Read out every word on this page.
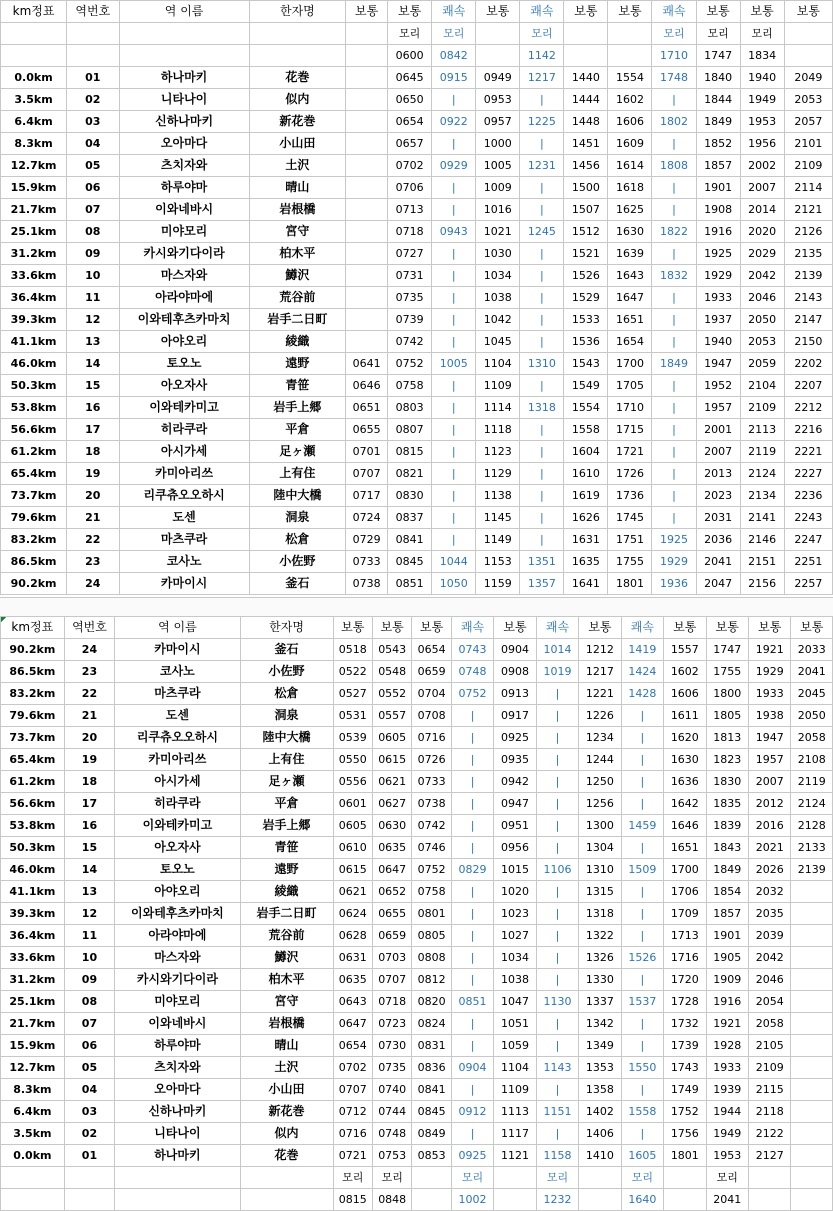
km정표	역번호	역 이름	한자명	보통	보통	쾌속	보통	쾌속	보통	보통	쾌속	보통	보통	보통
					모리	모리		모리			모리	모리	모리	
					0600	0842		1142			1710	1747	1834	
0.0km	01	하나마키	花巻		0645	0915	0949	1217	1440	1554	1748	1840	1940	2049
3.5km	02	니타나이	似内		0650	|	0953	|	1444	1602	|	1844	1949	2053
6.4km	03	신하나마키	新花巻		0654	0922	0957	1225	1448	1606	1802	1849	1953	2057
8.3km	04	오아마다	小山田		0657	|	1000	|	1451	1609	|	1852	1956	2101
12.7km	05	츠치자와	土沢		0702	0929	1005	1231	1456	1614	1808	1857	2002	2109
15.9km	06	하루야마	晴山		0706	|	1009	|	1500	1618	|	1901	2007	2114
21.7km	07	이와네바시	岩根橋		0713	|	1016	|	1507	1625	|	1908	2014	2121
25.1km	08	미야모리	宮守		0718	0943	1021	1245	1512	1630	1822	1916	2020	2126
31.2km	09	카시와기다이라	柏木平		0727	|	1030	|	1521	1639	|	1925	2029	2135
33.6km	10	마스자와	鱒沢		0731	|	1034	|	1526	1643	1832	1929	2042	2139
36.4km	11	아라야마에	荒谷前		0735	|	1038	|	1529	1647	|	1933	2046	2143
39.3km	12	이와테후츠카마치	岩手二日町		0739	|	1042	|	1533	1651	|	1937	2050	2147
41.1km	13	아야오리	綾織		0742	|	1045	|	1536	1654	|	1940	2053	2150
46.0km	14	토오노	遠野	0641	0752	1005	1104	1310	1543	1700	1849	1947	2059	2202
50.3km	15	아오자사	青笹	0646	0758	|	1109	|	1549	1705	|	1952	2104	2207
53.8km	16	이와테카미고	岩手上郷	0651	0803	|	1114	1318	1554	1710	|	1957	2109	2212
56.6km	17	히라쿠라	平倉	0655	0807	|	1118	|	1558	1715	|	2001	2113	2216
61.2km	18	아시가세	足ヶ瀬	0701	0815	|	1123	|	1604	1721	|	2007	2119	2221
65.4km	19	카미아리쓰	上有住	0707	0821	|	1129	|	1610	1726	|	2013	2124	2227
73.7km	20	리쿠츄오오하시	陸中大橋	0717	0830	|	1138	|	1619	1736	|	2023	2134	2236
79.6km	21	도센	洞泉	0724	0837	|	1145	|	1626	1745	|	2031	2141	2243
83.2km	22	마츠쿠라	松倉	0729	0841	|	1149	|	1631	1751	1925	2036	2146	2247
86.5km	23	코사노	小佐野	0733	0845	1044	1153	1351	1635	1755	1929	2041	2151	2251
90.2km	24	카마이시	釜石	0738	0851	1050	1159	1357	1641	1801	1936	2047	2156	2257
km정표	역번호	역 이름	한자명	보통	보통	보통	쾌속	보통	쾌속	보통	쾌속	보통	보통	보통	보통
90.2km	24	카마이시	釜石	0518	0543	0654	0743	0904	1014	1212	1419	1557	1747	1921	2033
86.5km	23	코사노	小佐野	0522	0548	0659	0748	0908	1019	1217	1424	1602	1755	1929	2041
83.2km	22	마츠쿠라	松倉	0527	0552	0704	0752	0913	|	1221	1428	1606	1800	1933	2045
79.6km	21	도센	洞泉	0531	0557	0708	|	0917	|	1226	|	1611	1805	1938	2050
73.7km	20	리쿠츄오오하시	陸中大橋	0539	0605	0716	|	0925	|	1234	|	1620	1813	1947	2058
65.4km	19	카미아리쓰	上有住	0550	0615	0726	|	0935	|	1244	|	1630	1823	1957	2108
61.2km	18	아시가세	足ヶ瀬	0556	0621	0733	|	0942	|	1250	|	1636	1830	2007	2119
56.6km	17	히라쿠라	平倉	0601	0627	0738	|	0947	|	1256	|	1642	1835	2012	2124
53.8km	16	이와테카미고	岩手上郷	0605	0630	0742	|	0951	|	1300	1459	1646	1839	2016	2128
50.3km	15	아오자사	青笹	0610	0635	0746	|	0956	|	1304	|	1651	1843	2021	2133
46.0km	14	토오노	遠野	0615	0647	0752	0829	1015	1106	1310	1509	1700	1849	2026	2139
41.1km	13	아야오리	綾織	0621	0652	0758	|	1020	|	1315	|	1706	1854	2032	
39.3km	12	이와테후츠카마치	岩手二日町	0624	0655	0801	|	1023	|	1318	|	1709	1857	2035	
36.4km	11	아라야마에	荒谷前	0628	0659	0805	|	1027	|	1322	|	1713	1901	2039	
33.6km	10	마스자와	鱒沢	0631	0703	0808	|	1034	|	1326	1526	1716	1905	2042	
31.2km	09	카시와기다이라	柏木平	0635	0707	0812	|	1038	|	1330	|	1720	1909	2046	
25.1km	08	미야모리	宮守	0643	0718	0820	0851	1047	1130	1337	1537	1728	1916	2054	
21.7km	07	이와네바시	岩根橋	0647	0723	0824	|	1051	|	1342	|	1732	1921	2058	
15.9km	06	하루야마	晴山	0654	0730	0831	|	1059	|	1349	|	1739	1928	2105	
12.7km	05	츠치자와	土沢	0702	0735	0836	0904	1104	1143	1353	1550	1743	1933	2109	
8.3km	04	오아마다	小山田	0707	0740	0841	|	1109	|	1358	|	1749	1939	2115	
6.4km	03	신하나마키	新花巻	0712	0744	0845	0912	1113	1151	1402	1558	1752	1944	2118	
3.5km	02	니타나이	似内	0716	0748	0849	|	1117	|	1406	|	1756	1949	2122	
0.0km	01	하나마키	花巻	0721	0753	0853	0925	1121	1158	1410	1605	1801	1953	2127	
				모리	모리		모리		모리		모리		모리		
				0815	0848		1002		1232		1640		2041		
